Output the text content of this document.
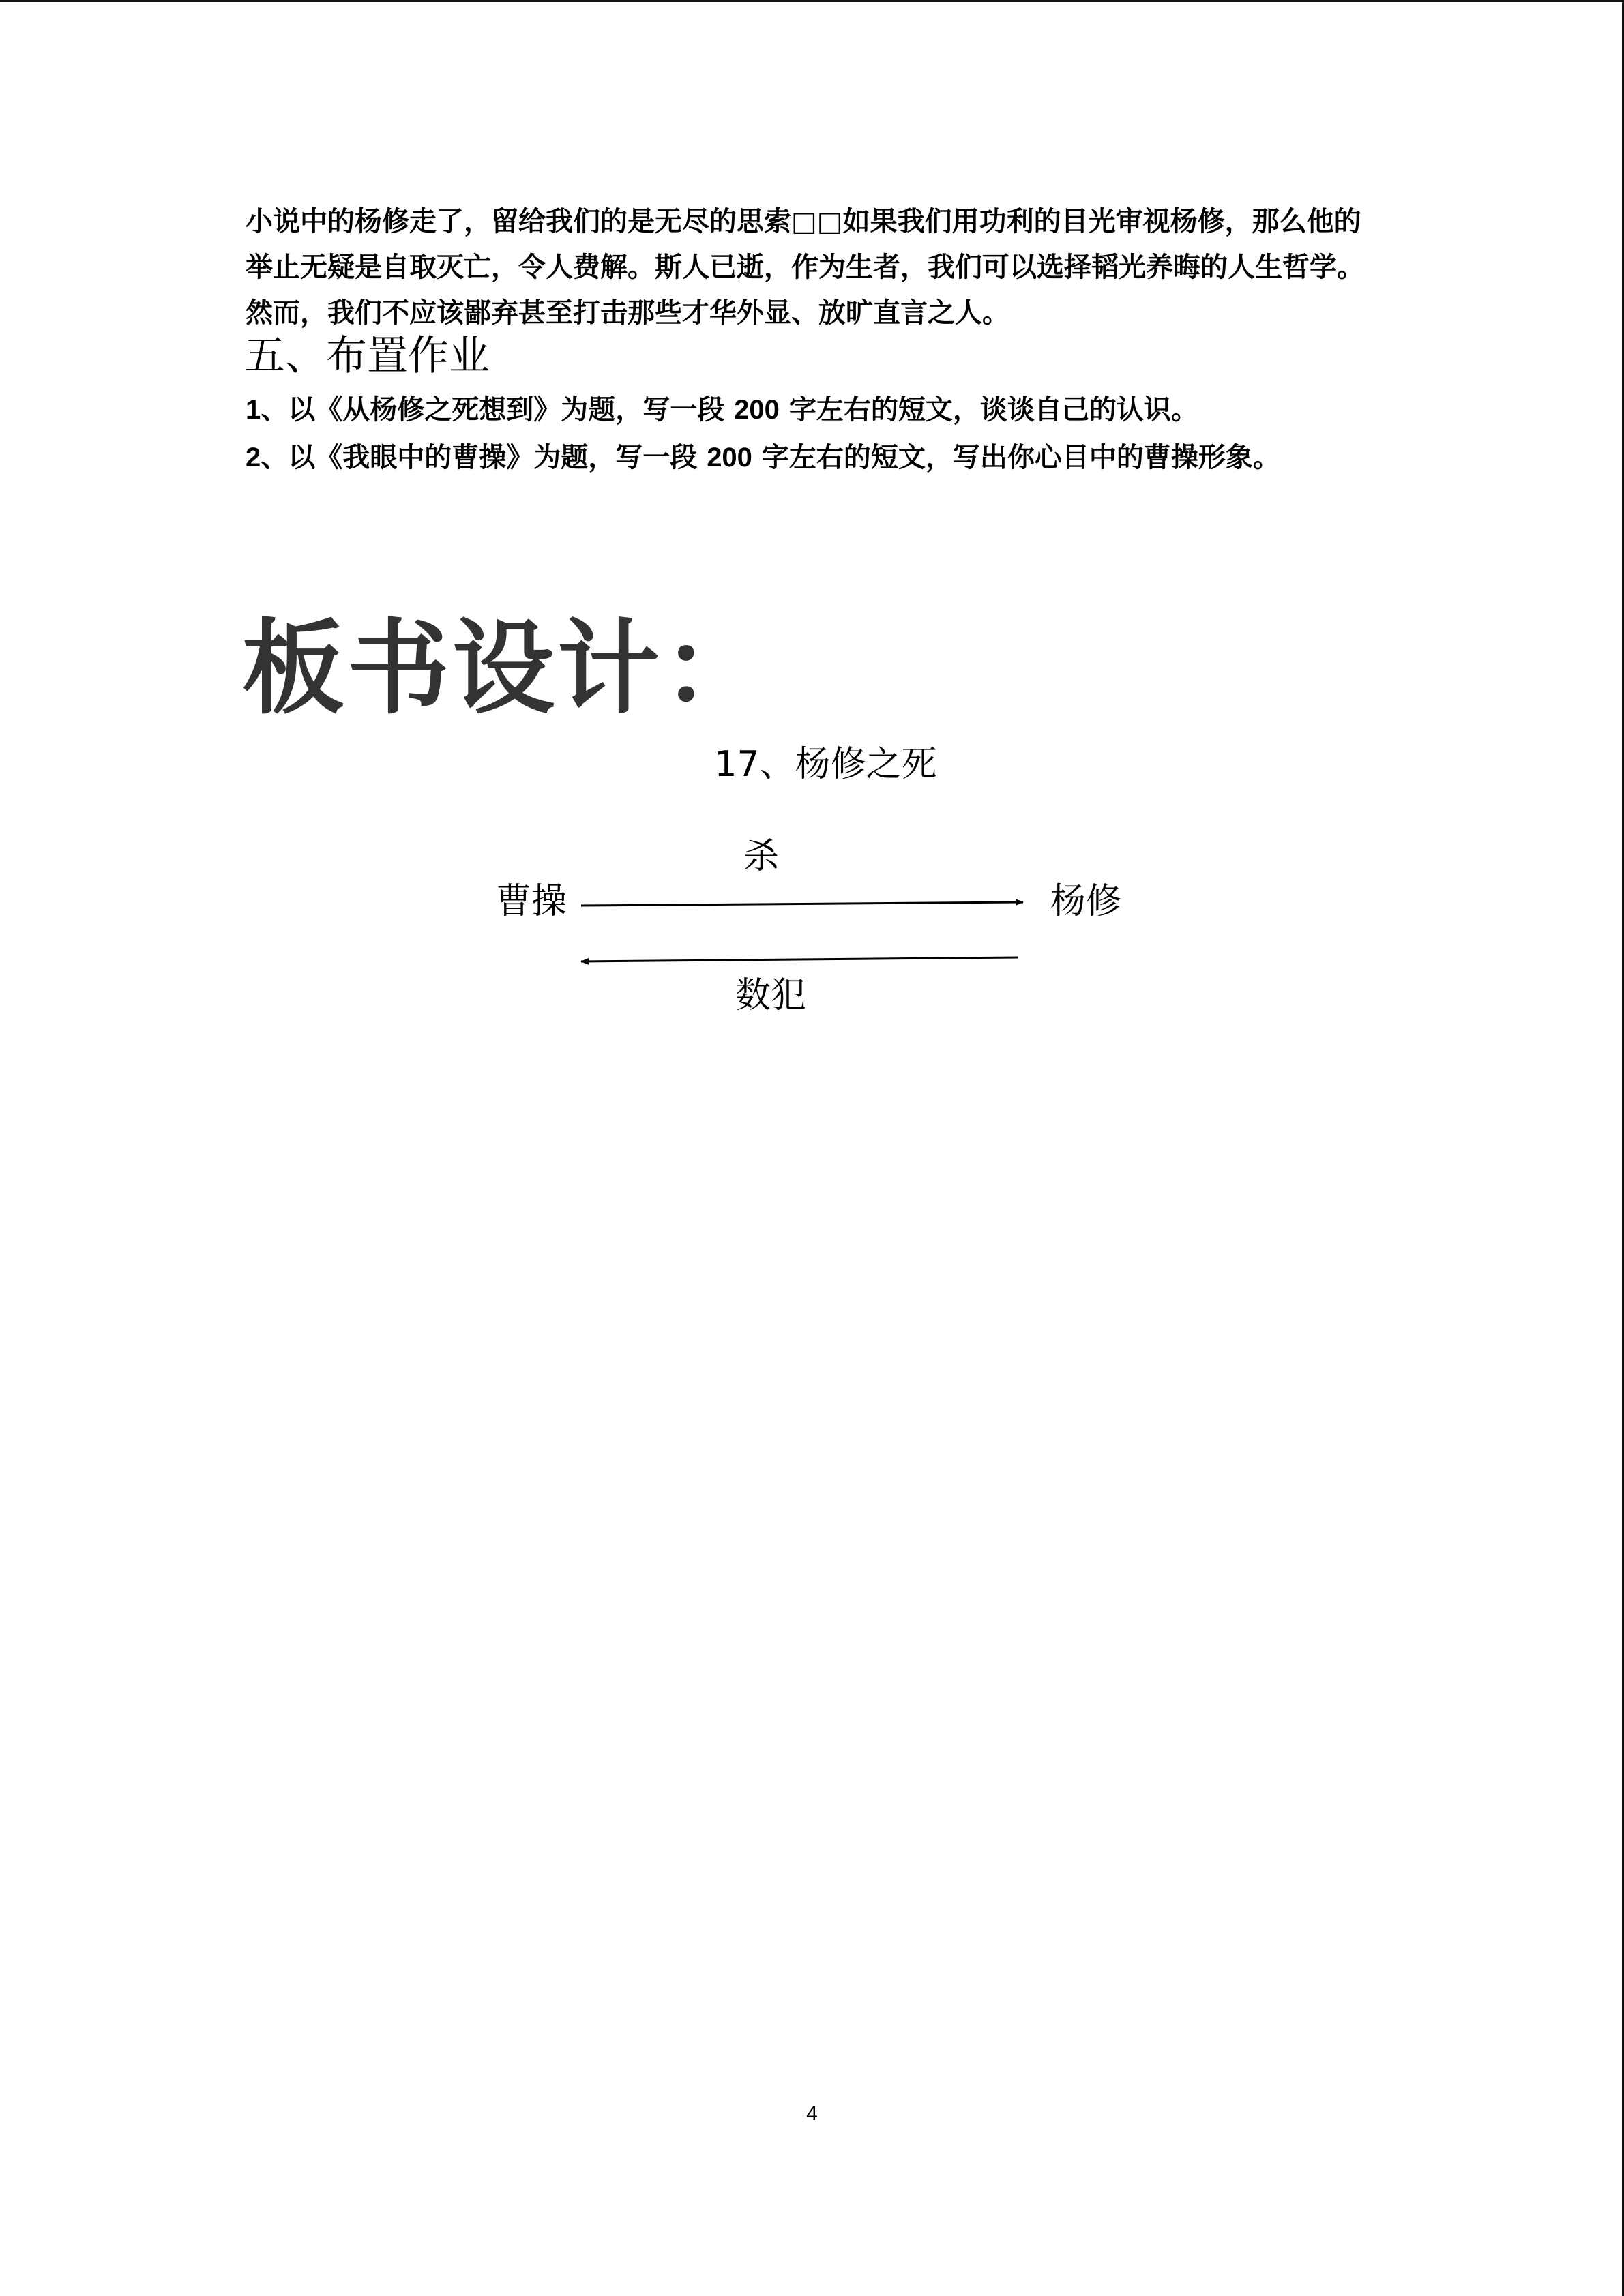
小说中的杨修走了，留给我们的是无尽的思索□□如果我们用功利的目光审视杨修，那么他的举止无疑是自取灭亡，令人费解。斯人已逝，作为生者，我们可以选择韬光养晦的人生哲学。然而，我们不应该鄙弃甚至打击那些才华外显、放旷直言之人。

五、布置作业
1、以《从杨修之死想到》为题，写一段 200 字左右的短文，谈谈自己的认识。
2、以《我眼中的曹操》为题，写一段 200 字左右的短文，写出你心目中的曹操形象。
板书设计：

17、杨修之死

曹操	杨修
杀
数犯

4
